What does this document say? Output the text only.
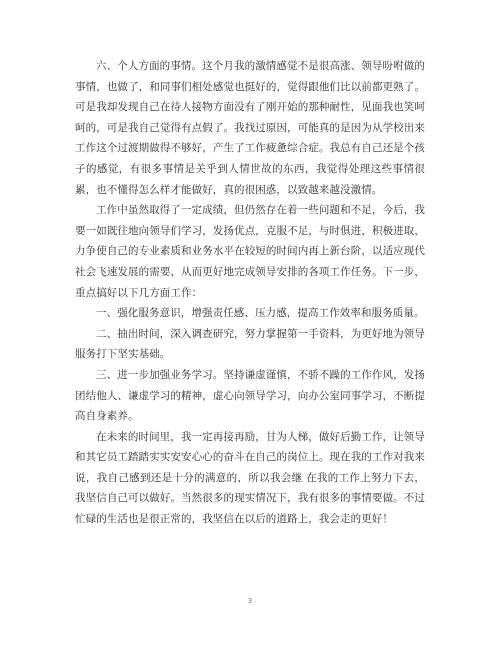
六、个人方面的事情。这个月我的激情感觉不是很高涨、领导吩咐做的事情，也做了，和同事们相处感觉也挺好的，觉得跟他们比以前都更熟了。可是我却发现自己在待人接物方面没有了刚开始的那种耐性，见面我也笑呵呵的，可是我自己觉得有点假了。我找过原因，可能真的是因为从学校出来工作这个过渡期做得不够好，产生了工作疲惫综合症。我总有自己还是个孩子的感觉，有很多事情是关乎到人情世故的东西，我觉得处理这些事情很累，也不懂得怎么样才能做好，真的很困惑，以致越来越没激情。

工作中虽然取得了一定成绩，但仍然存在着一些问题和不足，今后，我要一如既往地向领导们学习，发扬优点，克服不足，与时俱进，积极进取，力争使自己的专业素质和业务水平在较短的时间内再上新台阶，以适应现代社会飞速发展的需要，从而更好地完成领导安排的各项工作任务。下一步，重点搞好以下几方面工作：

一、强化服务意识，增强责任感、压力感，提高工作效率和服务质量。

二、抽出时间，深入调查研究，努力掌握第一手资料，为更好地为领导服务打下坚实基础。

三、进一步加强业务学习。坚持谦虚谨慎，不骄不躁的工作作风，发扬团结他人、谦虚学习的精神，虚心向领导学习，向办公室同事学习，不断提高自身素养。

在未来的时间里，我一定再接再励，甘为人梯，做好后勤工作，让领导和其它员工踏踏实实安安心心的奋斗在自己的岗位上。现在我的工作对我来说，我自己感到还是十分的满意的，所以我会继 在我的工作上努力下去，我坚信自己可以做好。当然很多的现实情况下，我有很多的事情要做。不过忙碌的生活也是很正常的，我坚信在以后的道路上，我会走的更好！

3
